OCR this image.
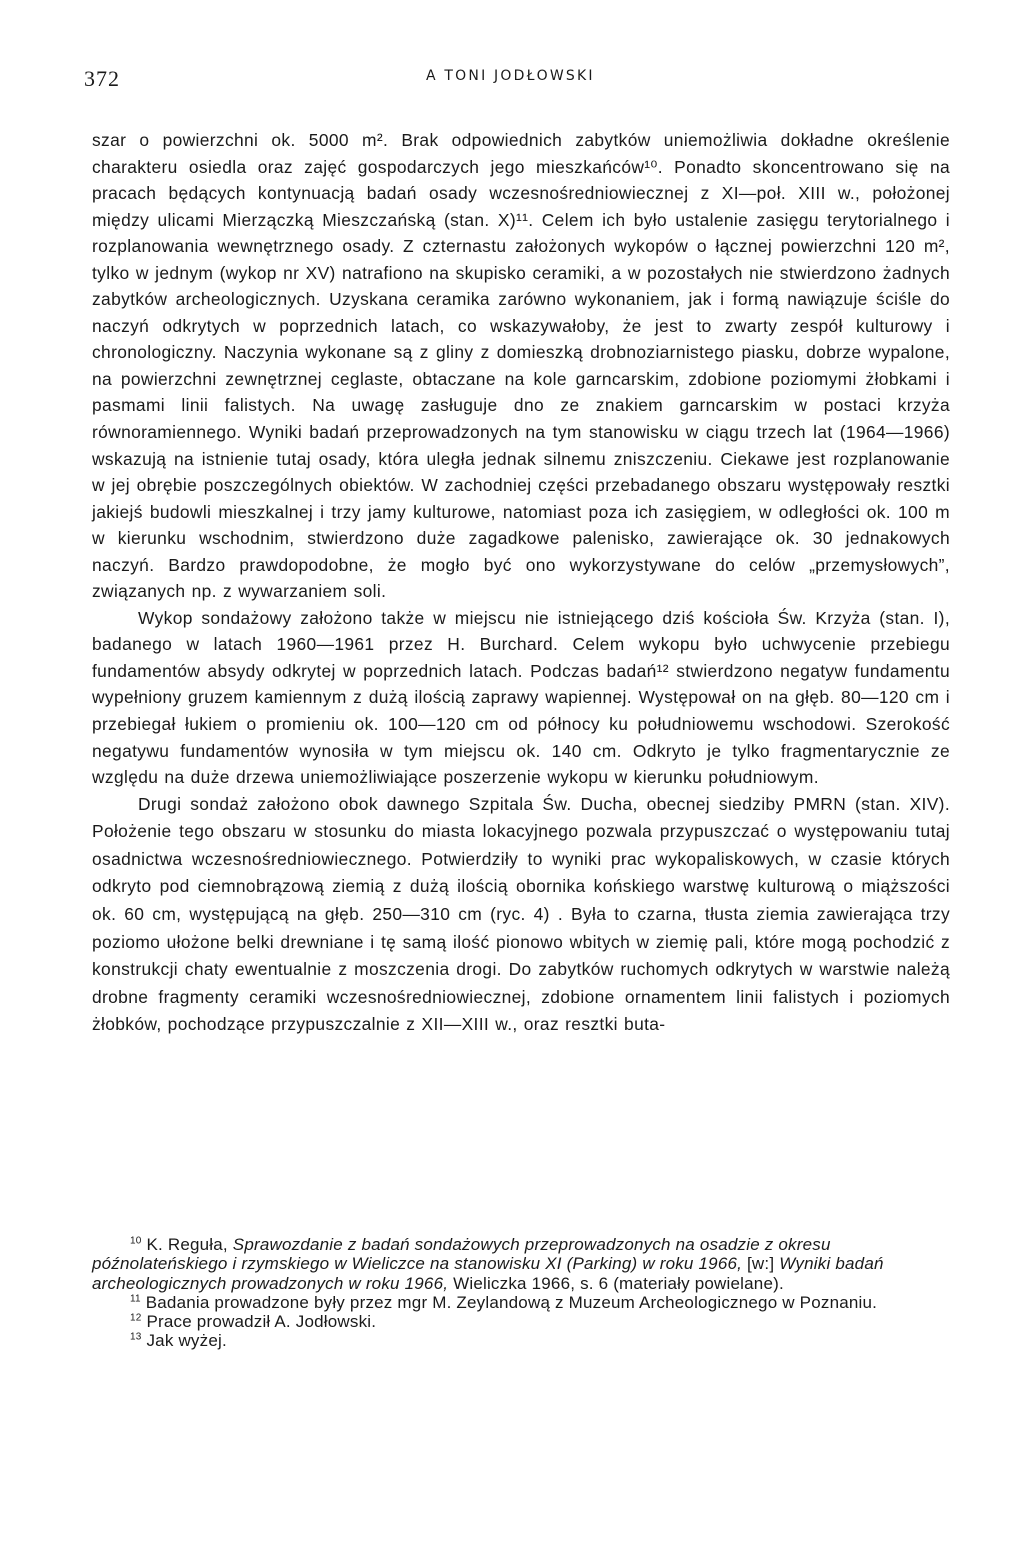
372	A TONI JODŁOWSKI

szar o powierzchni ok. 5000 m². Brak odpowiednich zabytków uniemożliwia dokładne określenie charakteru osiedla oraz zajęć gospodarczych jego mieszkańców¹⁰. Ponadto skoncentrowano się na pracach będących kontynuacją badań osady wczesnośredniowiecznej z XI—poł. XIII w., położonej między ulicami Mierzączką Mieszczańską (stan. X)¹¹. Celem ich było ustalenie zasięgu terytorialnego i rozplanowania wewnętrznego osady. Z czternastu założonych wykopów o łącznej powierzchni 120 m², tylko w jednym (wykop nr XV) natrafiono na skupisko ceramiki, a w pozostałych nie stwierdzono żadnych zabytków archeologicznych. Uzyskana ceramika zarówno wykonaniem, jak i formą nawiązuje ściśle do naczyń odkrytych w poprzednich latach, co wskazywałoby, że jest to zwarty zespół kulturowy i chronologiczny. Naczynia wykonane są z gliny z domieszką drobnoziarnistego piasku, dobrze wypalone, na powierzchni zewnętrznej ceglaste, obtaczane na kole garncarskim, zdobione poziomymi żłobkami i pasmami linii falistych. Na uwagę zasługuje dno ze znakiem garncarskim w postaci krzyża równoramiennego. Wyniki badań przeprowadzonych na tym stanowisku w ciągu trzech lat (1964—1966) wskazują na istnienie tutaj osady, która uległa jednak silnemu zniszczeniu. Ciekawe jest rozplanowanie w jej obrębie poszczególnych obiektów. W zachodniej części przebadanego obszaru występowały resztki jakiejś budowli mieszkalnej i trzy jamy kulturowe, natomiast poza ich zasięgiem, w odległości ok. 100 m w kierunku wschodnim, stwierdzono duże zagadkowe palenisko, zawierające ok. 30 jednakowych naczyń. Bardzo prawdopodobne, że mogło być ono wykorzystywane do celów „przemysłowych”, związanych np. z wywarzaniem soli.

Wykop sondażowy założono także w miejscu nie istniejącego dziś kościoła Św. Krzyża (stan. I), badanego w latach 1960—1961 przez H. Burchard. Celem wykopu było uchwycenie przebiegu fundamentów absydy odkrytej w poprzednich latach. Podczas badań¹² stwierdzono negatyw fundamentu wypełniony gruzem kamiennym z dużą ilością zaprawy wapiennej. Występował on na głęb. 80—120 cm i przebiegał łukiem o promieniu ok. 100—120 cm od północy ku południowemu wschodowi. Szerokość negatywu fundamentów wynosiła w tym miejscu ok. 140 cm. Odkryto je tylko fragmentarycznie ze względu na duże drzewa uniemożliwiające poszerzenie wykopu w kierunku południowym.

Drugi sondaż założono obok dawnego Szpitala Św. Ducha, obecnej siedziby PMRN (stan. XIV). Położenie tego obszaru w stosunku do miasta lokacyjnego pozwala przypuszczać o występowaniu tutaj osadnictwa wczesnośredniowiecznego. Potwierdziły to wyniki prac wykopaliskowych, w czasie których odkryto pod ciemnobrązową ziemią z dużą ilością obornika końskiego warstwę kulturową o miąższości ok. 60 cm, występującą na głęb. 250—310 cm (ryc. 4) . Była to czarna, tłusta ziemia zawierająca trzy poziomo ułożone belki drewniane i tę samą ilość pionowo wbitych w ziemię pali, które mogą pochodzić z konstrukcji chaty ewentualnie z moszczenia drogi. Do zabytków ruchomych odkrytych w warstwie należą drobne fragmenty ceramiki wczesnośredniowiecznej, zdobione ornamentem linii falistych i poziomych żłobków, pochodzące przypuszczalnie z XII—XIII w., oraz resztki buta-

$^{10}$ K. Reguła, Sprawozdanie z badań sondażowych przeprowadzonych na osadzie z okresu późnolateńskiego i rzymskiego w Wieliczce na stanowisku XI (Parking) w roku 1966, [w:] Wyniki badań archeologicznych prowadzonych w roku 1966, Wieliczka 1966, s. 6 (materiały powielane).

$^{11}$ Badania prowadzone były przez mgr M. Zeylandową z Muzeum Archeologicznego w Poznaniu.

$^{12}$ Prace prowadził A. Jodłowski.

$^{13}$ Jak wyżej.
